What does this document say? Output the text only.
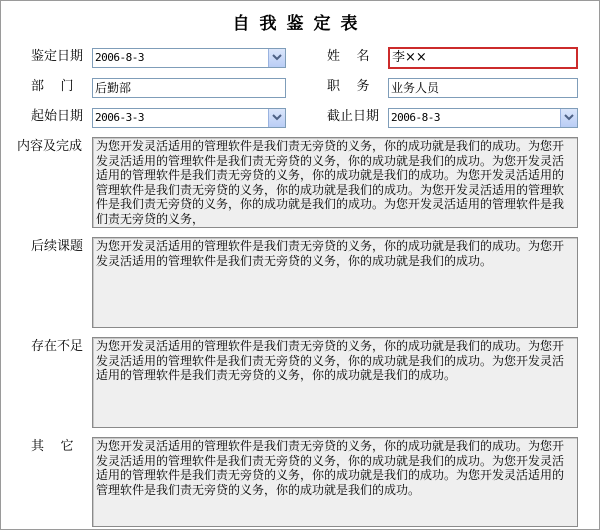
自我鉴定表
鉴定日期 2006-8-3	姓    名 李××
部    门 后勤部	职    务 业务人员
起始日期 2006-3-3	截止日期 2006-8-3
内容及完成 为您开发灵活适用的管理软件是我们责无旁贷的义务，你的成功就是我们的成功。为您开发灵活适用的管理软件是我们责无旁贷的义务，你的成功就是我们的成功。为您开发灵活适用的管理软件是我们责无旁贷的义务，你的成功就是我们的成功。为您开发灵活适用的管理软件是我们责无旁贷的义务，你的成功就是我们的成功。为您开发灵活适用的管理软件是我们责无旁贷的义务，你的成功就是我们的成功。为您开发灵活适用的管理软件是我们责无旁贷的义务，

后续课题 为您开发灵活适用的管理软件是我们责无旁贷的义务，你的成功就是我们的成功。为您开发灵活适用的管理软件是我们责无旁贷的义务，你的成功就是我们的成功。

存在不足 为您开发灵活适用的管理软件是我们责无旁贷的义务，你的成功就是我们的成功。为您开发灵活适用的管理软件是我们责无旁贷的义务，你的成功就是我们的成功。为您开发灵活适用的管理软件是我们责无旁贷的义务，你的成功就是我们的成功。

其    它 为您开发灵活适用的管理软件是我们责无旁贷的义务，你的成功就是我们的成功。为您开发灵活适用的管理软件是我们责无旁贷的义务，你的成功就是我们的成功。为您开发灵活适用的管理软件是我们责无旁贷的义务，你的成功就是我们的成功。为您开发灵活适用的管理软件是我们责无旁贷的义务，你的成功就是我们的成功。
